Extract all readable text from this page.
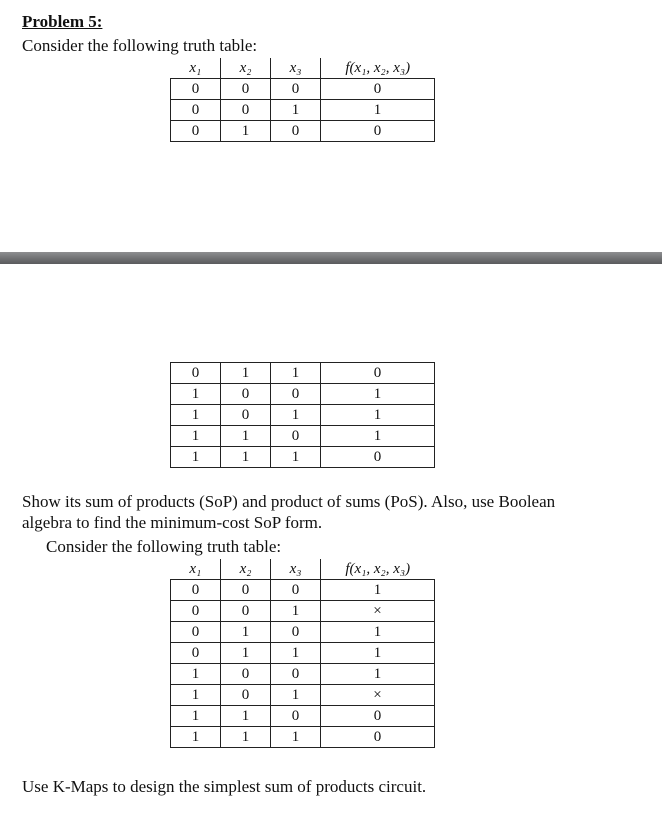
Problem 5:
Consider the following truth table:
x₁	x₂	x₃	f(x₁, x₂, x₃)
0	0	0	0
0	0	1	1
0	1	0	0
0	1	1	0
1	0	0	1
1	0	1	1
1	1	0	1
1	1	1	0
Show its sum of products (SoP) and product of sums (PoS). Also, use Boolean
algebra to find the minimum-cost SoP form.
Consider the following truth table:
x₁	x₂	x₃	f(x₁, x₂, x₃)
0	0	0	1
0	0	1	×
0	1	0	1
0	1	1	1
1	0	0	1
1	0	1	×
1	1	0	0
1	1	1	0
Use K-Maps to design the simplest sum of products circuit.
